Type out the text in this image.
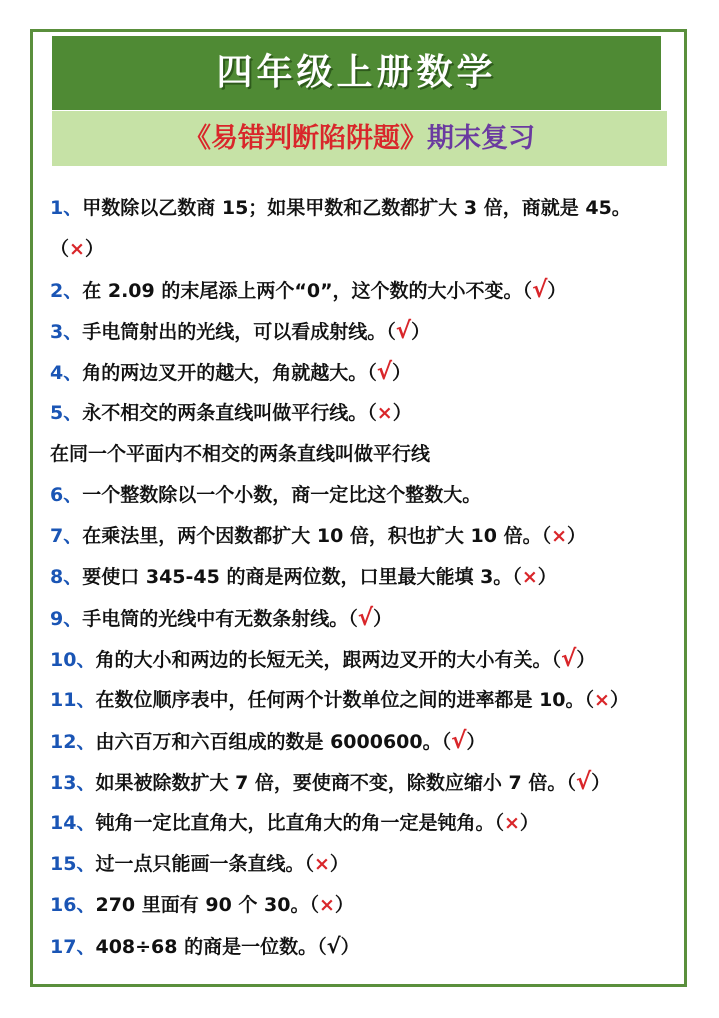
四年级上册数学
《易错判断陷阱题》期末复习
1、甲数除以乙数商 15；如果甲数和乙数都扩大 3 倍，商就是 45。（×）
2、在 2.09 的末尾添上两个“0”，这个数的大小不变。（√）
3、手电筒射出的光线，可以看成射线。（√）
4、角的两边叉开的越大，角就越大。（√）
5、永不相交的两条直线叫做平行线。（×）
在同一个平面内不相交的两条直线叫做平行线
6、一个整数除以一个小数，商一定比这个整数大。
7、在乘法里，两个因数都扩大 10 倍，积也扩大 10 倍。（×）
8、要使口 345-45 的商是两位数，口里最大能填 3。（×）
9、手电筒的光线中有无数条射线。（√）
10、角的大小和两边的长短无关，跟两边叉开的大小有关。（√）
11、在数位顺序表中，任何两个计数单位之间的进率都是 10。（×）
12、由六百万和六百组成的数是 6000600。（√）
13、如果被除数扩大 7 倍，要使商不变，除数应缩小 7 倍。（√）
14、钝角一定比直角大，比直角大的角一定是钝角。（×）
15、过一点只能画一条直线。（×）
16、270 里面有 90 个 30。（×）
17、408÷68 的商是一位数。（√）
